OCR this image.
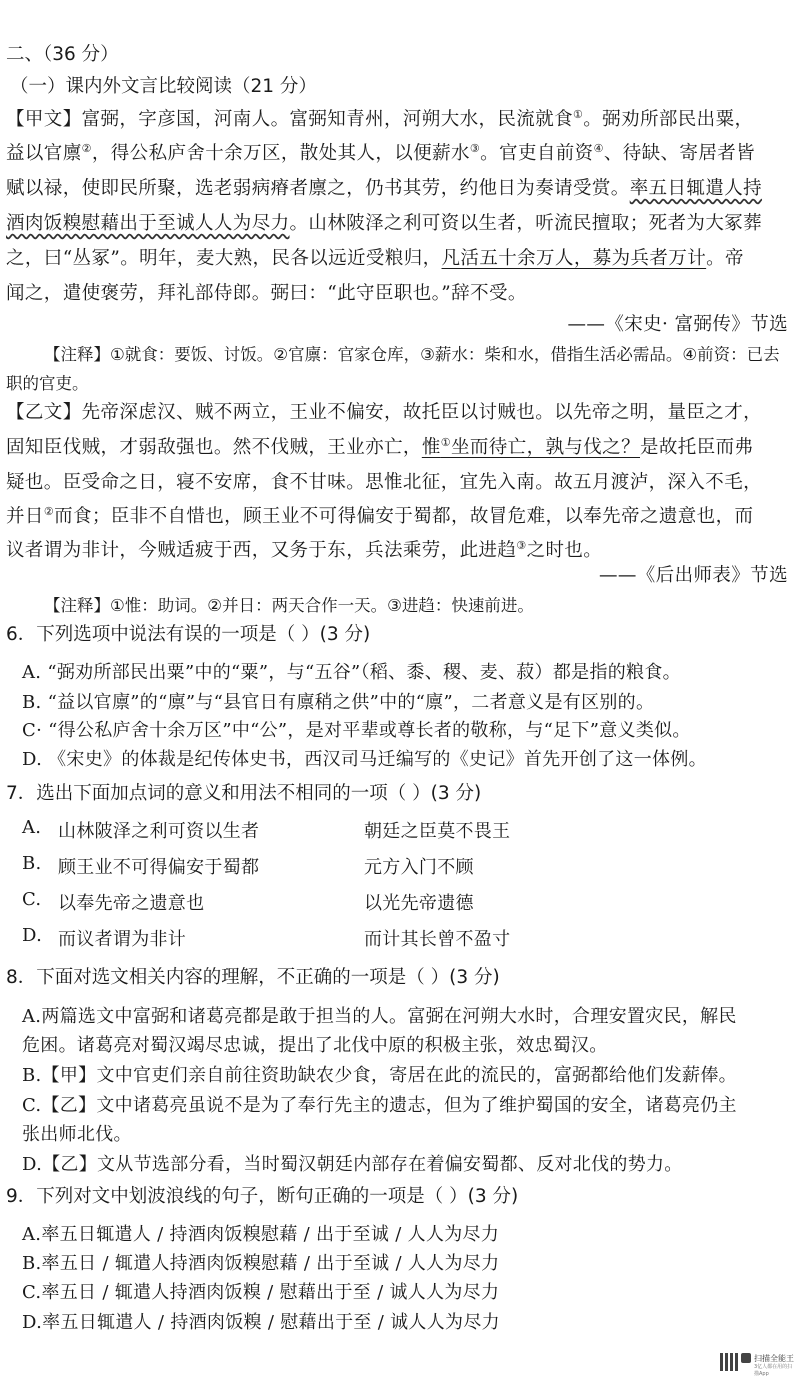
二、（36 分）
（一）课内外文言比较阅读（21 分）
【甲文】富弼，字彦国，河南人。富弼知青州，河朔大水，民流就食①。弼劝所部民出粟，
益以官廪②，得公私庐舍十余万区，散处其人，以便薪水③。官吏自前资④、待缺、寄居者皆
赋以禄，使即民所聚，选老弱病瘠者廪之，仍书其劳，约他日为奏请受赏。率五日辄遣人持
酒肉饭糗慰藉出于至诚人人为尽力。山林陂泽之利可资以生者，听流民擅取；死者为大冢葬
之，曰“丛冢”。明年，麦大熟，民各以远近受粮归，凡活五十余万人，募为兵者万计。帝
闻之，遣使褒劳，拜礼部侍郎。弼曰：“此守臣职也。”辞不受。
——《宋史· 富弼传》节选
【注释】①就食：要饭、讨饭。②官廪：官家仓库，③薪水：柴和水，借指生活必需品。④前资：已去
职的官吏。
【乙文】先帝深虑汉、贼不两立，王业不偏安，故托臣以讨贼也。以先帝之明，量臣之才，
固知臣伐贼，才弱敌强也。然不伐贼，王业亦亡，惟①坐而待亡，孰与伐之？是故托臣而弗
疑也。臣受命之日，寝不安席，食不甘味。思惟北征，宜先入南。故五月渡泸，深入不毛，
并日②而食；臣非不自惜也，顾王业不可得偏安于蜀都，故冒危难，以奉先帝之遗意也，而
议者谓为非计，今贼适疲于西，又务于东，兵法乘劳，此进趋③之时也。
——《后出师表》节选
【注释】①惟：助词。②并日：两天合作一天。③进趋：快速前进。
6．下列选项中说法有误的一项是（ ）(3 分)
A. “弼劝所部民出粟”中的“粟”，与“五谷”（稻、黍、稷、麦、菽）都是指的粮食。
B. “益以官廪”的“廪”与“县官日有廪稍之供”中的“廪”，二者意义是有区别的。
C· “得公私庐舍十余万区”中“公”，是对平辈或尊长者的敬称，与“足下”意义类似。
D. 《宋史》的体裁是纪传体史书，西汉司马迁编写的《史记》首先开创了这一体例。
7．选出下面加点词的意义和用法不相同的一项（ ）(3 分)
A. 山林陂泽之利可资以生者	朝廷之臣莫不畏王
B. 顾王业不可得偏安于蜀都	元方入门不顾
C. 以奉先帝之遗意也	以光先帝遗德
D. 而议者谓为非计	而计其长曾不盈寸
8．下面对选文相关内容的理解，不正确的一项是（ ）(3 分)
A.两篇选文中富弼和诸葛亮都是敢于担当的人。富弼在河朔大水时，合理安置灾民，解民
危困。诸葛亮对蜀汉竭尽忠诚，提出了北伐中原的积极主张，效忠蜀汉。
B.【甲】文中官吏们亲自前往资助缺农少食，寄居在此的流民的，富弼都给他们发薪俸。
C.【乙】文中诸葛亮虽说不是为了奉行先主的遗志，但为了维护蜀国的安全，诸葛亮仍主
张出师北伐。
D.【乙】文从节选部分看，当时蜀汉朝廷内部存在着偏安蜀都、反对北伐的势力。
9．下列对文中划波浪线的句子，断句正确的一项是（ ）(3 分)
A.率五日辄遣人 / 持酒肉饭糗慰藉 / 出于至诚 / 人人为尽力
B.率五日 / 辄遣人持酒肉饭糗慰藉 / 出于至诚 / 人人为尽力
C.率五日 / 辄遣人持酒肉饭糗 / 慰藉出于至 / 诚人人为尽力
D.率五日辄遣人 / 持酒肉饭糗 / 慰藉出于至 / 诚人人为尽力
扫描全能王
3亿人都在用的扫描App
